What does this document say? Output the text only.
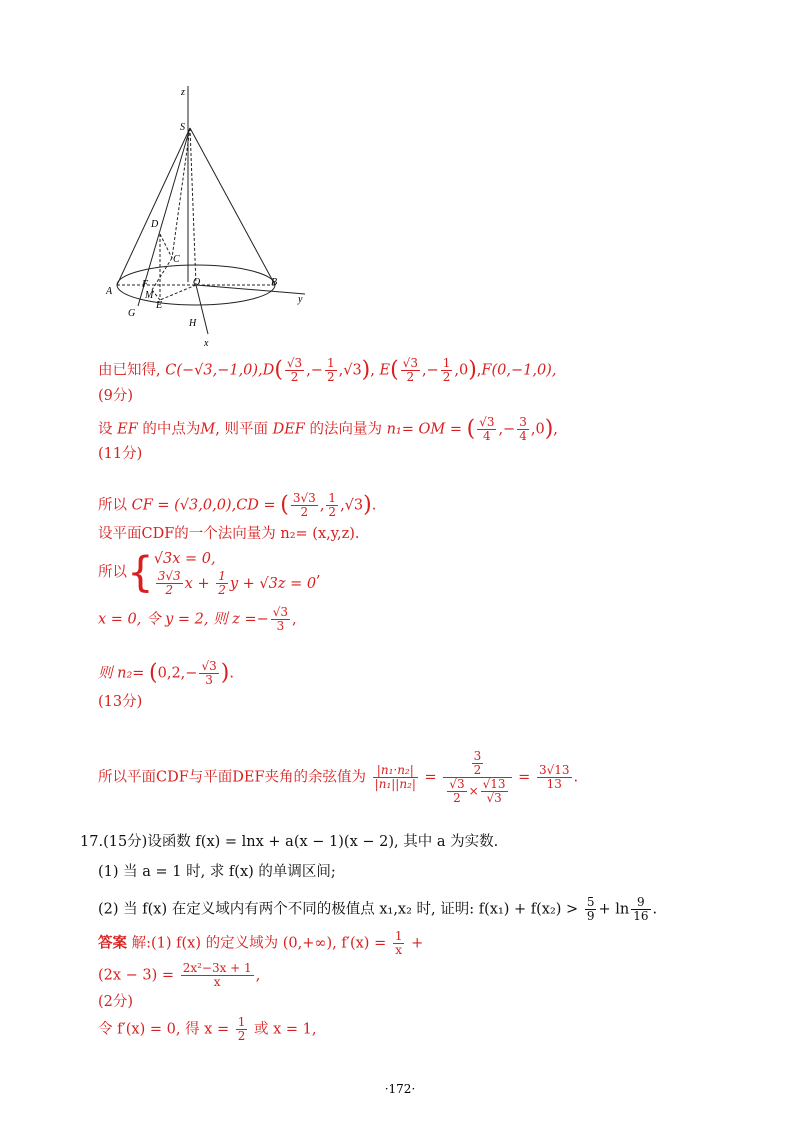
z
S
D
C
A
F	O	B
y
M
E
G
H
x
由已知得, $C(-√3,-1,0),D( \frac{√3}{2}$ ,− $\frac{1}{2} ,√3$), $E( \frac{√3}{2}$ ,− $\frac{1}{2} ,0),F(0,-1,0)$,
(9分)
设 EF 的中点为M, 则平面 DEF 的法向量为 n₁= OM = ( $\frac{√3}{4}$ ,− $\frac{3}{4} ,0$),
(11分)
所以 CF = (√3,0,0),CD = ( $\frac{3√3}{2}$ , $\frac{1}{2} ,√3$).
设平面CDF的一个法向量为 n₂= (x,y,z).
所以{√3x = 0,

$\frac{3√3}{2}$ $x + \frac{1}{2}$ y + √3z = 0,
x = 0, 令 y = 2, 则 $z =- \frac{√3}{3}$ ,
则 $n_2= (0,2,- \frac{√3}{3}$ ).
(13分)
所以平面CDF与平面DEF夹角的余弦值为 $\frac{\text{|n₁·n₂|}}{\text{|n₁||n₂|}} = \frac{\frac{3}{2}}{\frac{√3}{2} \times \frac{√13}{√3}} = \frac{3√13}{13}$ .
17.(15分)设函数 f(x) = lnx + a(x − 1)(x − 2), 其中 a 为实数.
(1) 当 a = 1 时, 求 f(x) 的单调区间;
(2) 当 f(x) 在定义域内有两个不同的极值点 x₁,x₂ 时, 证明: $f(x_1) + f(x_2) > \frac{5}{9} + \ln \frac{9}{16}$ .
答案 解:(1) f(x) 的定义域为 (0,+∞), $f'(x) = \frac{1}{x}$ +
$(2x - 3) = \frac{\text{2x²−3x + 1}}{x}$ ,
(2分)
令 f′(x) = 0, 得 $x = \frac{1}{2}$ 或 x = 1,
·172·
